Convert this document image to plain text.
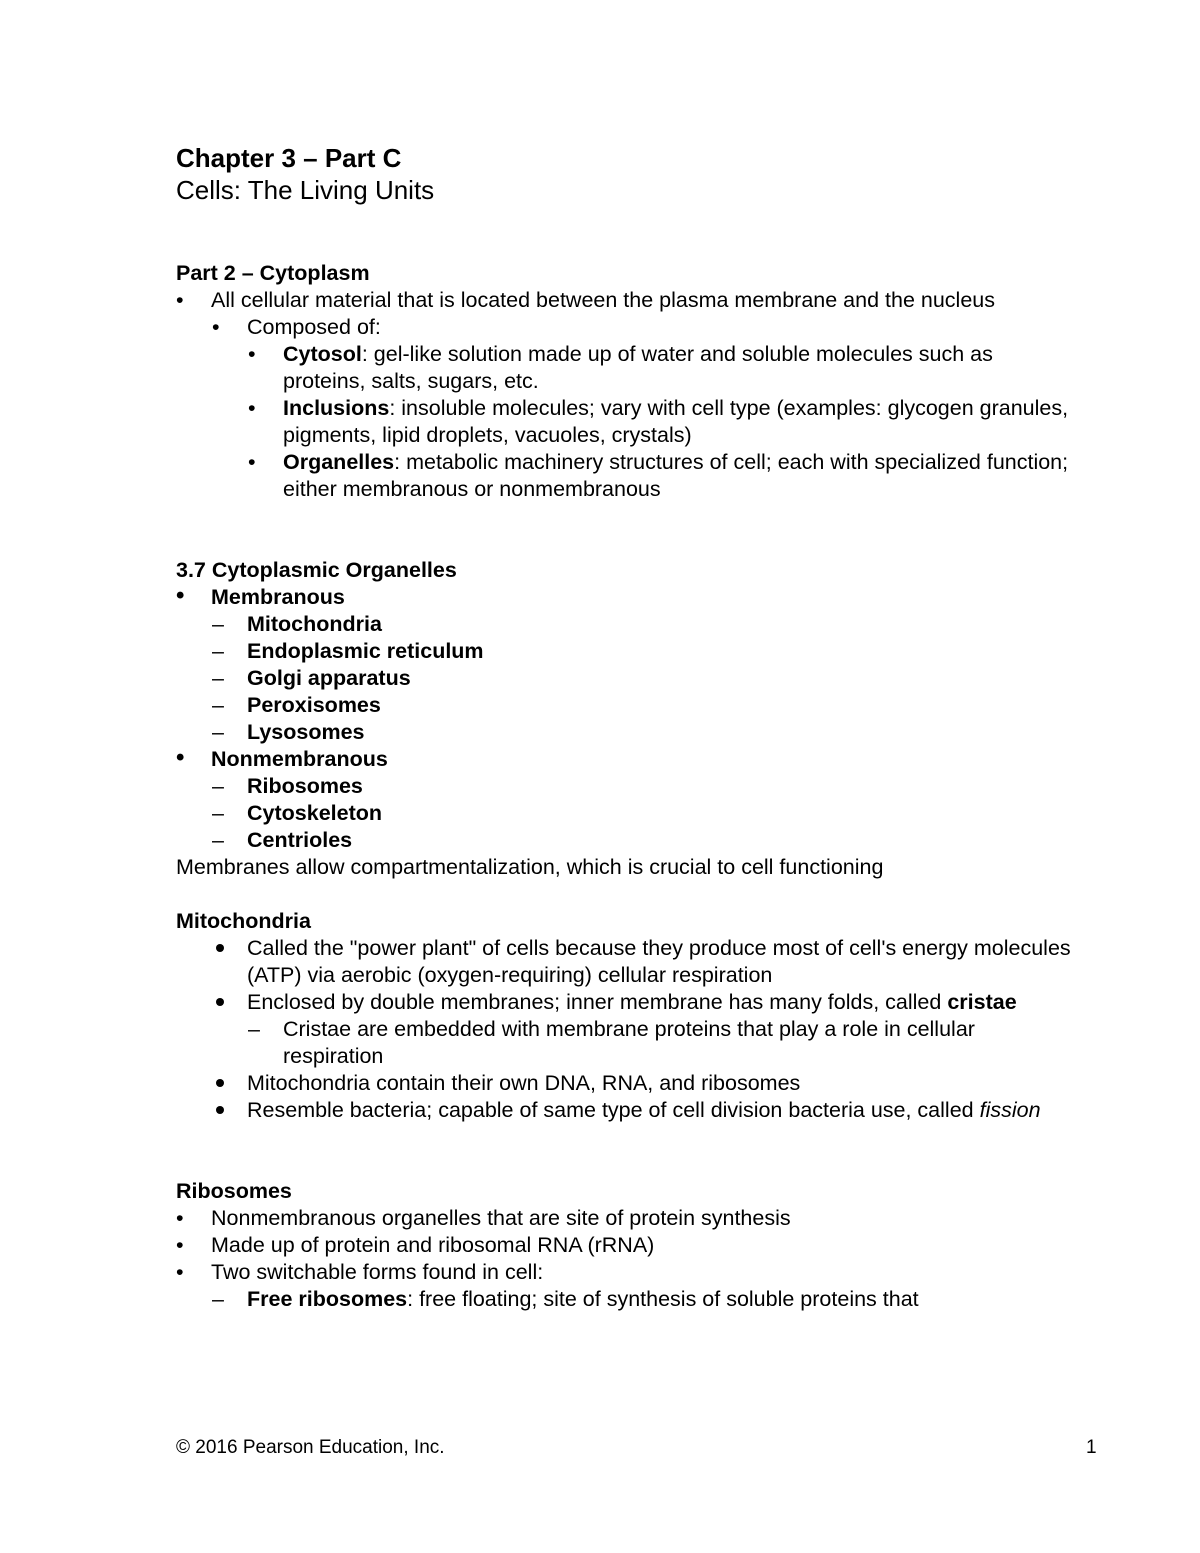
Chapter 3 – Part C
Cells: The Living Units
Part 2 – Cytoplasm
• All cellular material that is located between the plasma membrane and the nucleus
• Composed of:
• Cytosol: gel-like solution made up of water and soluble molecules such as proteins, salts, sugars, etc.
• Inclusions: insoluble molecules; vary with cell type (examples: glycogen granules, pigments, lipid droplets, vacuoles, crystals)
• Organelles: metabolic machinery structures of cell; each with specialized function; either membranous or nonmembranous
3.7 Cytoplasmic Organelles
• Membranous
– Mitochondria
– Endoplasmic reticulum
– Golgi apparatus
– Peroxisomes
– Lysosomes
• Nonmembranous
– Ribosomes
– Cytoskeleton
– Centrioles
Membranes allow compartmentalization, which is crucial to cell functioning
Mitochondria
Called the "power plant" of cells because they produce most of cell's energy molecules (ATP) via aerobic (oxygen-requiring) cellular respiration
Enclosed by double membranes; inner membrane has many folds, called cristae
– Cristae are embedded with membrane proteins that play a role in cellular respiration
Mitochondria contain their own DNA, RNA, and ribosomes
Resemble bacteria; capable of same type of cell division bacteria use, called fission
Ribosomes
• Nonmembranous organelles that are site of protein synthesis
• Made up of protein and ribosomal RNA (rRNA)
• Two switchable forms found in cell:
– Free ribosomes: free floating; site of synthesis of soluble proteins that
© 2016 Pearson Education, Inc.	1
